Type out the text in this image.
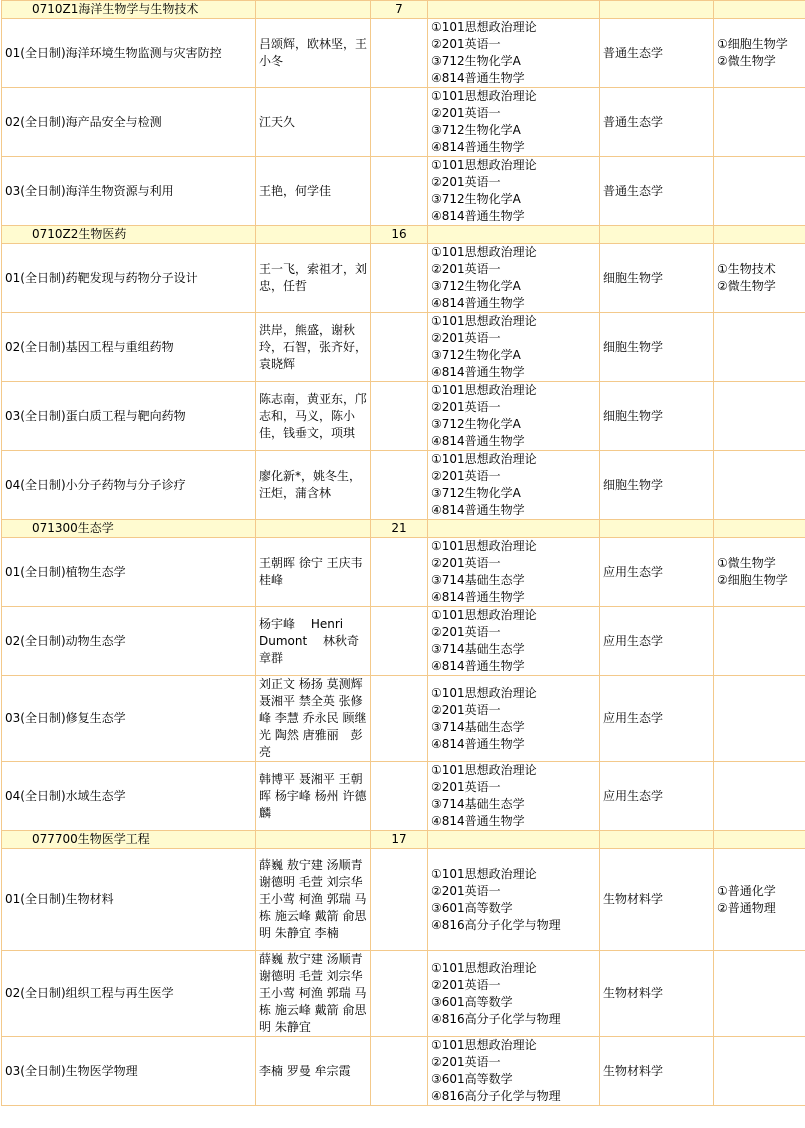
0710Z1海洋生物学与生物技术		7			
01(全日制)海洋环境生物监测与灾害防控	吕颂辉，欧林坚，王小冬		①101思想政治理论
②201英语一
③712生物化学A
④814普通生物学	普通生态学	①细胞生物学
②微生物学

02(全日制)海产品安全与检测	江天久		①101思想政治理论
②201英语一
③712生物化学A
④814普通生物学	普通生态学	
03(全日制)海洋生物资源与利用	王艳，何学佳		①101思想政治理论
②201英语一
③712生物化学A
④814普通生物学	普通生态学	
0710Z2生物医药		16			
01(全日制)药靶发现与药物分子设计	王一飞，索祖才，刘忠，任哲		①101思想政治理论
②201英语一
③712生物化学A
④814普通生物学	细胞生物学	①生物技术
②微生物学

02(全日制)基因工程与重组药物	洪岸，熊盛，谢秋玲，石智，张齐好，袁晓辉		①101思想政治理论
②201英语一
③712生物化学A
④814普通生物学	细胞生物学	
03(全日制)蛋白质工程与靶向药物	陈志南，黄亚东，邝志和，马义，陈小佳，钱垂文，项琪		①101思想政治理论
②201英语一
③712生物化学A
④814普通生物学	细胞生物学	
04(全日制)小分子药物与分子诊疗	廖化新*，姚冬生，汪炬，蒲含林		①101思想政治理论
②201英语一
③712生物化学A
④814普通生物学	细胞生物学	
071300生态学		21			
01(全日制)植物生态学	王朝晖 徐宁 王庆韦桂峰		①101思想政治理论
②201英语一
③714基础生态学
④814普通生物学	应用生态学	①微生物学
②细胞生物学

02(全日制)动物生态学	杨宇峰　 Henri Dumont　 林秋奇 章群		①101思想政治理论
②201英语一
③714基础生态学
④814普通生物学	应用生态学	
03(全日制)修复生态学	刘正文 杨扬 莫测辉 聂湘平 禁全英 张修峰 李慧 乔永民 顾继光 陶然 唐雅丽　彭亮		①101思想政治理论
②201英语一
③714基础生态学
④814普通生物学	应用生态学	
04(全日制)水域生态学	韩博平 聂湘平 王朝晖 杨宇峰 杨州 许德麟		①101思想政治理论
②201英语一
③714基础生态学
④814普通生物学	应用生态学	
077700生物医学工程		17			
01(全日制)生物材料	薛巍 敖宁建 汤顺青 谢德明 毛萱 刘宗华 王小莺 柯渔 郭瑞 马栋 施云峰 戴箭 俞思明 朱静宜 李楠		①101思想政治理论
②201英语一
③601高等数学
④816高分子化学与物理	生物材料学	①普通化学
②普通物理

02(全日制)组织工程与再生医学	薛巍 敖宁建 汤顺青 谢德明 毛萱 刘宗华 王小莺 柯渔 郭瑞 马栋 施云峰 戴箭 俞思明 朱静宜		①101思想政治理论
②201英语一
③601高等数学
④816高分子化学与物理	生物材料学	
03(全日制)生物医学物理	李楠 罗曼 牟宗霞		①101思想政治理论
②201英语一
③601高等数学
④816高分子化学与物理	生物材料学	
